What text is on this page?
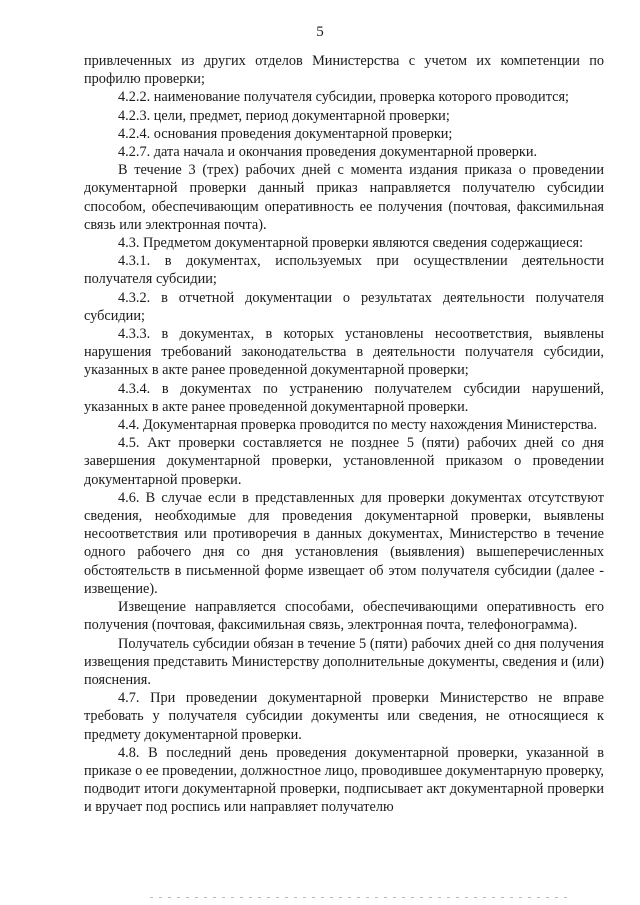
5

привлеченных из других отделов Министерства с учетом их компетенции по профилю проверки;

4.2.2. наименование получателя субсидии, проверка которого проводится;

4.2.3. цели, предмет, период документарной проверки;

4.2.4. основания проведения документарной проверки;

4.2.7. дата начала и окончания проведения документарной проверки.

В течение 3 (трех) рабочих дней с момента издания приказа о проведении документарной проверки данный приказ направляется получателю субсидии способом, обеспечивающим оперативность ее получения (почтовая, факсимильная связь или электронная почта).

4.3. Предметом документарной проверки являются сведения содержащиеся:

4.3.1. в документах, используемых при осуществлении деятельности получателя субсидии;

4.3.2. в отчетной документации о результатах деятельности получателя субсидии;

4.3.3. в документах, в которых установлены несоответствия, выявлены нарушения требований законодательства в деятельности получателя субсидии, указанных в акте ранее проведенной документарной проверки;

4.3.4. в документах по устранению получателем субсидии нарушений, указанных в акте ранее проведенной документарной проверки.

4.4. Документарная проверка проводится по месту нахождения Министерства.

4.5. Акт проверки составляется не позднее 5 (пяти) рабочих дней со дня завершения документарной проверки, установленной приказом о проведении документарной проверки.

4.6. В случае если в представленных для проверки документах отсутствуют сведения, необходимые для проведения документарной проверки, выявлены несоответствия или противоречия в данных документах, Министерство в течение одного рабочего дня со дня установления (выявления) вышеперечисленных обстоятельств в письменной форме извещает об этом получателя субсидии (далее - извещение).

Извещение направляется способами, обеспечивающими оперативность его получения (почтовая, факсимильная связь, электронная почта, телефонограмма).

Получатель субсидии обязан в течение 5 (пяти) рабочих дней со дня получения извещения представить Министерству дополнительные документы, сведения и (или) пояснения.

4.7. При проведении документарной проверки Министерство не вправе требовать у получателя субсидии документы или сведения, не относящиеся к предмету документарной проверки.

4.8. В последний день проведения документарной проверки, указанной в приказе о ее проведении, должностное лицо, проводившее документарную проверку, подводит итоги документарной проверки, подписывает акт документарной проверки и вручает под роспись или направляет получателю
